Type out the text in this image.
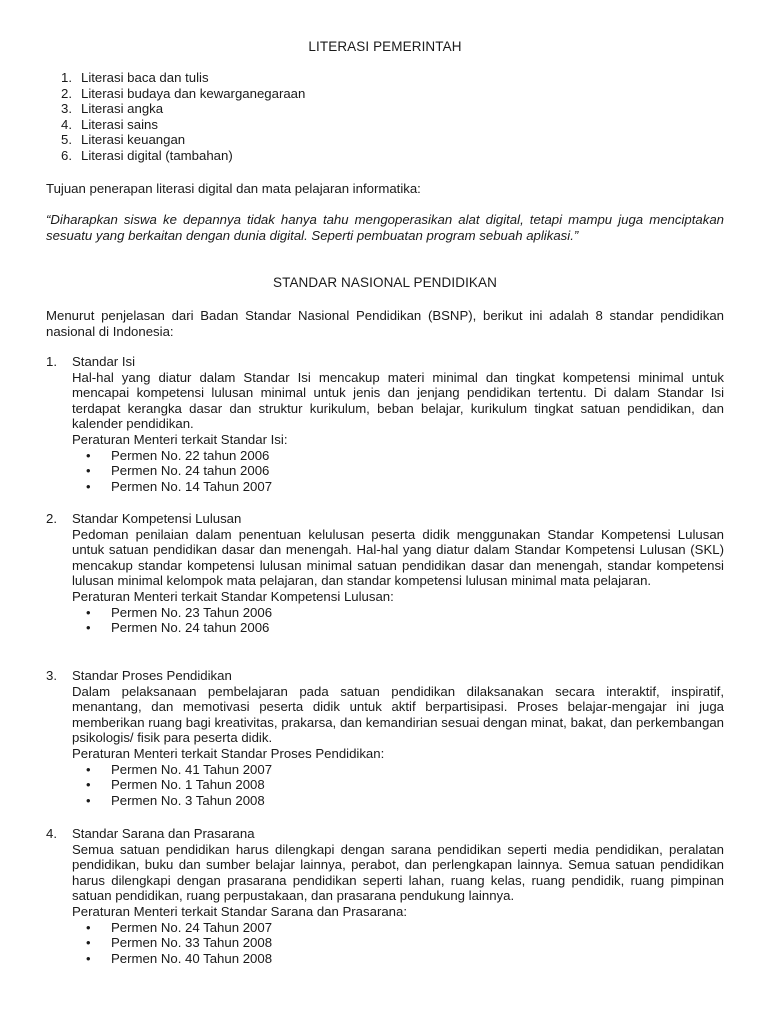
LITERASI PEMERINTAH
1. Literasi baca dan tulis
2. Literasi budaya dan kewarganegaraan
3. Literasi angka
4. Literasi sains
5. Literasi keuangan
6. Literasi digital (tambahan)
Tujuan penerapan literasi digital dan mata pelajaran informatika:
“Diharapkan siswa ke depannya tidak hanya tahu mengoperasikan alat digital, tetapi mampu juga menciptakan sesuatu yang berkaitan dengan dunia digital. Seperti pembuatan program sebuah aplikasi.”
STANDAR NASIONAL PENDIDIKAN
Menurut penjelasan dari Badan Standar Nasional Pendidikan (BSNP), berikut ini adalah 8 standar pendidikan nasional di Indonesia:
1.	Standar Isi
Hal-hal yang diatur dalam Standar Isi mencakup materi minimal dan tingkat kompetensi minimal untuk mencapai kompetensi lulusan minimal untuk jenis dan jenjang pendidikan tertentu. Di dalam Standar Isi terdapat kerangka dasar dan struktur kurikulum, beban belajar, kurikulum tingkat satuan pendidikan, dan kalender pendidikan.
Peraturan Menteri terkait Standar Isi:
•	Permen No. 22 tahun 2006
•	Permen No. 24 tahun 2006
•	Permen No. 14 Tahun 2007
2.	Standar Kompetensi Lulusan
Pedoman penilaian dalam penentuan kelulusan peserta didik menggunakan Standar Kompetensi Lulusan untuk satuan pendidikan dasar dan menengah. Hal-hal yang diatur dalam Standar Kompetensi Lulusan (SKL) mencakup standar kompetensi lulusan minimal satuan pendidikan dasar dan menengah, standar kompetensi lulusan minimal kelompok mata pelajaran, dan standar kompetensi lulusan minimal mata pelajaran.
Peraturan Menteri terkait Standar Kompetensi Lulusan:
•	Permen No. 23 Tahun 2006
•	Permen No. 24 tahun 2006
3.	Standar Proses Pendidikan
Dalam pelaksanaan pembelajaran pada satuan pendidikan dilaksanakan secara interaktif, inspiratif, menantang, dan memotivasi peserta didik untuk aktif berpartisipasi. Proses belajar-mengajar ini juga memberikan ruang bagi kreativitas, prakarsa, dan kemandirian sesuai dengan minat, bakat, dan perkembangan psikologis/ fisik para peserta didik.
Peraturan Menteri terkait Standar Proses Pendidikan:
•	Permen No. 41 Tahun 2007
•	Permen No. 1 Tahun 2008
•	Permen No. 3 Tahun 2008
4.	Standar Sarana dan Prasarana
Semua satuan pendidikan harus dilengkapi dengan sarana pendidikan seperti media pendidikan, peralatan pendidikan, buku dan sumber belajar lainnya, perabot, dan perlengkapan lainnya. Semua satuan pendidikan harus dilengkapi dengan prasarana pendidikan seperti lahan, ruang kelas, ruang pendidik, ruang pimpinan satuan pendidikan, ruang perpustakaan, dan prasarana pendukung lainnya.
Peraturan Menteri terkait Standar Sarana dan Prasarana:
•	Permen No. 24 Tahun 2007
•	Permen No. 33 Tahun 2008
•	Permen No. 40 Tahun 2008
